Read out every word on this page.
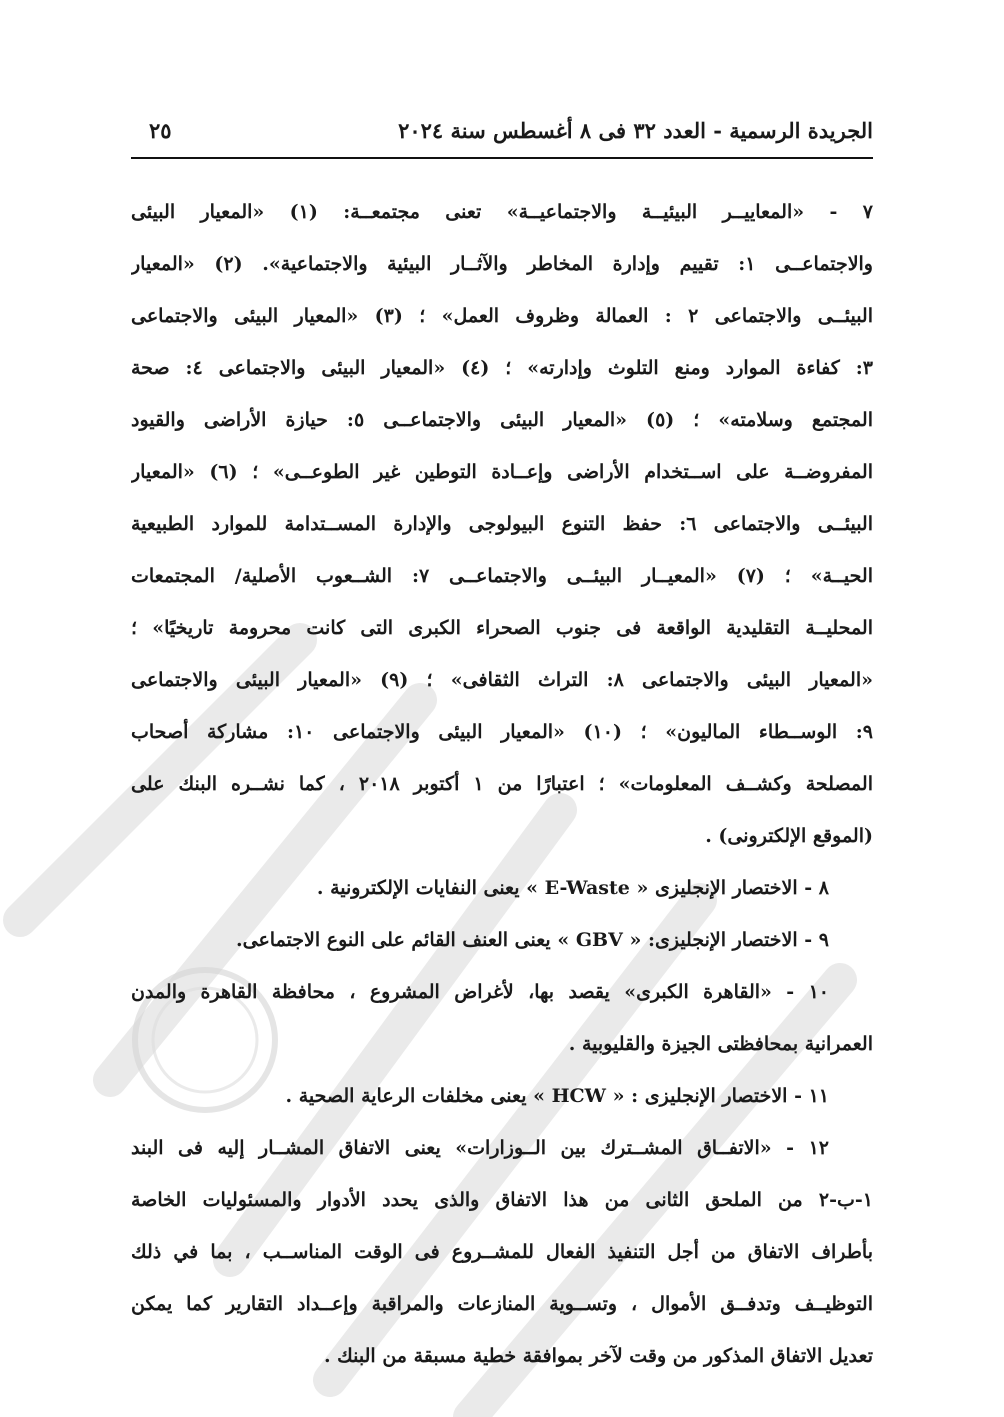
الجريدة الرسمية - العدد ٣٢ فى ٨ أغسطس سنة ٢٠٢٤
٢٥
٧ - «المعاييــر البيئيــة والاجتماعيــة» تعنى مجتمعــة: (١) «المعيار البيئى
والاجتماعــى ١: تقييم وإدارة المخاطر والآثــار البيئية والاجتماعية». (٢) «المعيار
البيئــى والاجتماعى ٢ : العمالة وظروف العمل» ؛ (٣) «المعيار البيئى والاجتماعى
٣: كفاءة الموارد ومنع التلوث وإدارته» ؛ (٤) «المعيار البيئى والاجتماعى ٤: صحة
المجتمع وسلامته» ؛ (٥) «المعيار البيئى والاجتماعــى ٥: حيازة الأراضى والقيود
المفروضــة على اســتخدام الأراضى وإعــادة التوطين غير الطوعــى» ؛ (٦) «المعيار
البيئــى والاجتماعى ٦: حفظ التنوع البيولوجى والإدارة المســتدامة للموارد الطبيعية
الحيــة» ؛ (٧) «المعيــار البيئــى والاجتماعــى ٧: الشــعوب الأصلية/ المجتمعات
المحليــة التقليدية الواقعة فى جنوب الصحراء الكبرى التى كانت محرومة تاريخيًا» ؛
«المعيار البيئى والاجتماعى ٨: التراث الثقافى» ؛ (٩) «المعيار البيئى والاجتماعى
٩: الوســطاء الماليون» ؛ (١٠) «المعيار البيئى والاجتماعى ١٠: مشاركة أصحاب
المصلحة وكشــف المعلومات» ؛ اعتبارًا من ١ أكتوبر ٢٠١٨ ، كما نشــره البنك على
(الموقع الإلكترونى) .
٨ - الاختصار الإنجليزى « E-Waste » يعنى النفايات الإلكترونية .
٩ - الاختصار الإنجليزى: « GBV » يعنى العنف القائم على النوع الاجتماعى.
١٠ - «القاهرة الكبرى» يقصد بها، لأغراض المشروع ، محافظة القاهرة والمدن
العمرانية بمحافظتى الجيزة والقليوبية .
١١ - الاختصار الإنجليزى : « HCW » يعنى مخلفات الرعاية الصحية .
١٢ - «الاتفــاق المشــترك بين الــوزارات» يعنى الاتفاق المشــار إليه فى البند
١-ب-٢ من الملحق الثانى من هذا الاتفاق والذى يحدد الأدوار والمسئوليات الخاصة
بأطراف الاتفاق من أجل التنفيذ الفعال للمشــروع فى الوقت المناســب ، بما في ذلك
التوظيــف وتدفــق الأموال ، وتســوية المنازعات والمراقبة وإعــداد التقارير كما يمكن
تعديل الاتفاق المذكور من وقت لآخر بموافقة خطية مسبقة من البنك .
